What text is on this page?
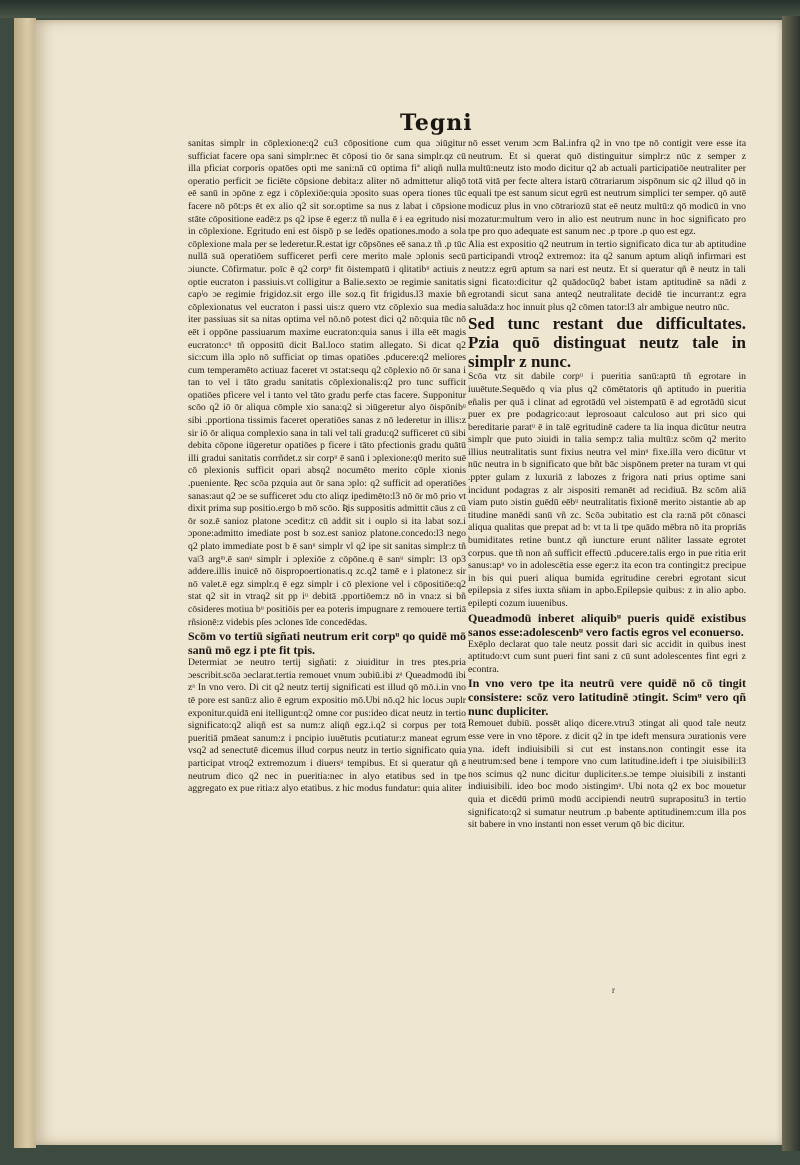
Tegni

sanitas simplr in cōplexione:q2 cu3 cōpositione cum qua ɔiūgitur sufficiat facere opa sani simplr:nec ēt cōposi tio ōr sana simplr.qz cū illa pficiat corporis opatōes opti me sani:nā cū optima fiª aliqñ nulla operatio perficit ɔe ficiēte cōpsione debita:z aliter nō admittetur aliqō eē sanū in ɔpōne z egz i cōplexiōe:quia ɔposito suas opera tiones tūc facere nō pōt:ps ēt ex alio q2 sit sor.optime sa nus z labat i cōpsione stāte cōpositione eadē:z ps q2 ipse ē eger:z tñ nulla ē i ea egritudo nisi in cōplexione. Egritudo eni est ōispō p se ledēs opationes.modo a sola cōplexione mala per se lederetur.R.estat igr cōpsōnes eē sana.z tñ .p tūc nullā suā operatiōem sufficeret perfi cere merito male ɔplonis secū ɔiuncte. Cōfirmatur. poīc ē q2 corpᵘ fit ōistempatū i qlitatibᵘ actiuis z optie eucraton i passiuis.vt colligitur a Balie.sexto ɔe regimie sanitatis capˡo ɔe regimie frigidoz.sit ergo ille soz.q fit frigidus.l3 maxie bñ cōplexionatus vel eucraton i passi uis:z quero vtz cōplexio sua media iter passiuas sit sa nitas optima vel nō.nō potest dici q2 nō:quia tūc nō eēt i oppōne passiuarum maxime eucraton:quia sanus i illa eēt magis eucraton:cᵘ tñ oppositū dicit Bal.loco statim allegato. Si dicat q2 sic:cum illa ɔplo nō sufficiat op timas opatiōes .pducere:q2 meliores cum temperamēto actiuaz faceret vt ɔstat:sequ q2 cōplexio nō ōr sana i tan to vel i tāto gradu sanitatis cōplexionalis:q2 pro tunc sufficit opatiōes pficere vel i tanto vel tāto gradu perfe ctas facere. Supponitur scōo q2 iō ōr aliqua cōmple xio sana:q2 si ɔiūgeretur alyo ōispōnibᵘ sibi .pportiona tissimis faceret operatiōes sanas z nō lederetur in illis:z sir iō ōr aliqua complexio sana in tali vel tali gradu:q2 sufficeret cū sibi debita cōpone iūgeretur opatiōes p ficere i tāto pfectionis gradu quātū illi gradui sanitatis corrñdet.z sir corpᵘ ē sanū i ɔplexione:q0 merito suē cō plexionis sufficit opari absq2 nocumēto merito cōple xionis .pueniente. Ʀec scōa pzquia aut ōr sana ɔplo: q2 sufficit ad operatiōes sanas:aut q2 ɔe se sufficeret ɔdu cto aliqz ipedimēto:l3 nō ōr mō prio vt dixit prima sup positio.ergo b mō scōo. Ʀis suppositis admittit cāus z cū ōr soz.ē sanioz platone ɔcedit:z cū addit sit i ouplo si ita labat soz.i ɔpone:admitto imediate post b soz.est sanioz platone.concedo:l3 nego q2 plato immediate post b ē sanᵘ simplr vl q2 ipe sit sanitas simplr:z tñ vaǀ3 argᵐ.ē sanᵘ simplr i ɔplexiōe z cōpōne.q ē sanᵘ simplr: l3 op3 addere.illis inuicē nō ōispropoertionatis.q zc.q2 tamē e i platone:z sir nō valet.ē egz simplr.q ē egz simplr i cō plexione vel i cōpositiōe:q2 stat q2 sit in vtraq2 sit pp iᵘ debitā .pportiōem:z nō in vna:z si bñ cōsideres motiua bᵘ positiōis per ea poteris impugnare z remouere tertiā rñsionē:z videbis pſes ɔclones īde concedēdas.

Scōm vo tertiū sigñati neutrum erit corpᵘ qo quidē mō sanū mō egz i pte fit tpis.

Determiat ɔe neutro tertij sigñati: z ɔiuiditur in tres ptes.pria ɔescribit.scōa ɔeclarat.tertia remouet vnum ɔubiū.ibi zᵃ Queadmodū ibi zᵃ In vno vero. Di cit q2 neutz tertij significati est illud qō mō.i.in vno tē pore est sanū:z alio ē egrum expositio mō.Ubi nō.q2 hic locus ɔuplr exponitur.quidā eni itelligunt:q2 omne cor pus:ideo dicat neutz in tertio significato:q2 aliqñ est sa num:z aliqñ egz.i.q2 si corpus per totā pueritiā pmāeat sanum:z i pncipio iuuētutis pcutiatur:z maneat egrum vsq2 ad senectutē dicemus illud corpus neutz in tertio significato quia participat vtroq2 extremozum i diuersᵘ tempibus. Et si queratur qñ ē neutrum dico q2 nec in pueritia:nec in alyo etatibus sed in tpe aggregato ex pue ritia:z alyo etatibus. z hic modus fundatur: quia aliter

nō esset verum ɔcm Bal.infra q2 in vno tpe nō contigit vere esse ita neutrum. Et si querat quō distinguitur simplr:z nūc z semper z multū:neutz isto modo dicitur q2 ab actuali participatiōe neutraliter per totā vitā per fecte altera istarū cōtrariarum ɔispōnum sic q2 illud qō in equali tpe est sanum sicut egrū est neutrum simplici ter semper. qō autē modicuz plus in vno cōtrariozū stat eē neutz multū:z qō modicū in vno mozatur:multum vero in alio est neutrum nunc in hoc significato pro tpe pro quo adequate est sanum nec .p tpore .p quo est egz.

Alia est expositio q2 neutrum in tertio significato dica tur ab aptitudine participandi vtroq2 extremoz: ita q2 sanum aptum aliqñ infirmari est neutz:z egrū aptum sa nari est neutz. Et si queratur qñ ē neutz in tali signi ficato:dicitur q2 quādocūq2 babet istam aptitudinē sa nādi z egrotandi sicut sana anteq2 neutralitate decidē tie incurrant:z egra saluāda:z hoc innuit plus q2 cōmen tator:l3 alr ambigue neutro nūc.

Sed tunc restant due difficultates. Pzia quō distinguat neutz tale in simplr z nunc.

Scōa vtz sit dabile corpᵘ i pueritia sanū:aptū tñ egrotare in iuuētute.Sequēdo q via plus q2 cōmētatoris qñ aptitudo in pueritia eñalis per quā i clinat ad egrotādū vel ɔistempatū ē ad egrotādū sicut puer ex pre podagrico:aut leprosoaut calculoso aut pri sico qui bereditarie paratᵘ ē in talē egritudinē cadere ta lia inqua dicūtur neutra simplr que puto ɔiuidi in talia semp:z talia multū:z scōm q2 merito illius neutralitatis sunt fixius neutra vel minᵘ fixe.illa vero dicūtur vt nūc neutra in b significato que bñt bāc ɔispōnem preter na turam vt qui .ppter gulam z luxuriā z labozes z frigora nati prius optime sani incidunt podagras z alr ɔispositi remanēt ad recidiuā. Bz scōm aliā viam puto ɔistin guēdū eēbᵘ neutralitatis fixionē merito ɔistantie ab ap titudine manēdi sanū vñ zc. Scōa ɔubitatio est cla ra:nā pōt cōnasci aliqua qualitas que prepat ad b: vt ta li tpe quādo mēbra nō ita propriās bumiditates retine bunt.z qñ iuncture erunt nāliter lassate egrotet corpus. que tñ non añ sufficit effectū .pducere.talis ergo in pue ritia erit sanus:apᵘ vo in adolescētia esse eger:z ita econ tra contingit:z precipue in bis qui pueri aliqua bumida egritudine cerebri egrotant sicut epilepsia z sifes iuxta sñiam in apbo.Epilepsie quibus: z in alio apbo. epilepti cozum iuuenibus.

Queadmodū inberet aliquibᵘ pueris quidē existibus sanos esse:adolescenbᵘ vero factis egros vel econuerso.

Exēplo declarat quo tale neutz possit dari sic accidit in quibus inest aptitudo:vt cum sunt pueri fint sani z cū sunt adolescentes fint egri z econtra.

In vno vero tpe ita neutrū vere quidē nō cō tingit consistere: scōz vero latitudinē ɔtingit. Scimᵘ vero qñ nunc dupliciter.

Remouet dubiū. possēt aliqo dicere.vtru3 ɔtingat ali quod tale neutz esse vere in vno tēpore. z dicit q2 in tpe ideft mensura ɔurationis vere yna. ideft indiuisibili si cut est instans.non contingit esse ita neutrum:sed bene i tempore vno cum latitudine.ideft i tpe ɔiuisibili:l3 nos scimus q2 nunc dicitur dupliciter.s.ɔe tempe ɔiuisibili z instanti indiuisibili. ideo boc modo ɔistingimᵘ. Ubi nota q2 ex boc mouetur quia et dicēdū primū modū accipiendi neutrū suprapositu3 in tertio significato:q2 si sumatur neutrum .p babente aptitudinem:cum illa pos sit babere in vno instanti non esset verum qō bic dicitur.

r
